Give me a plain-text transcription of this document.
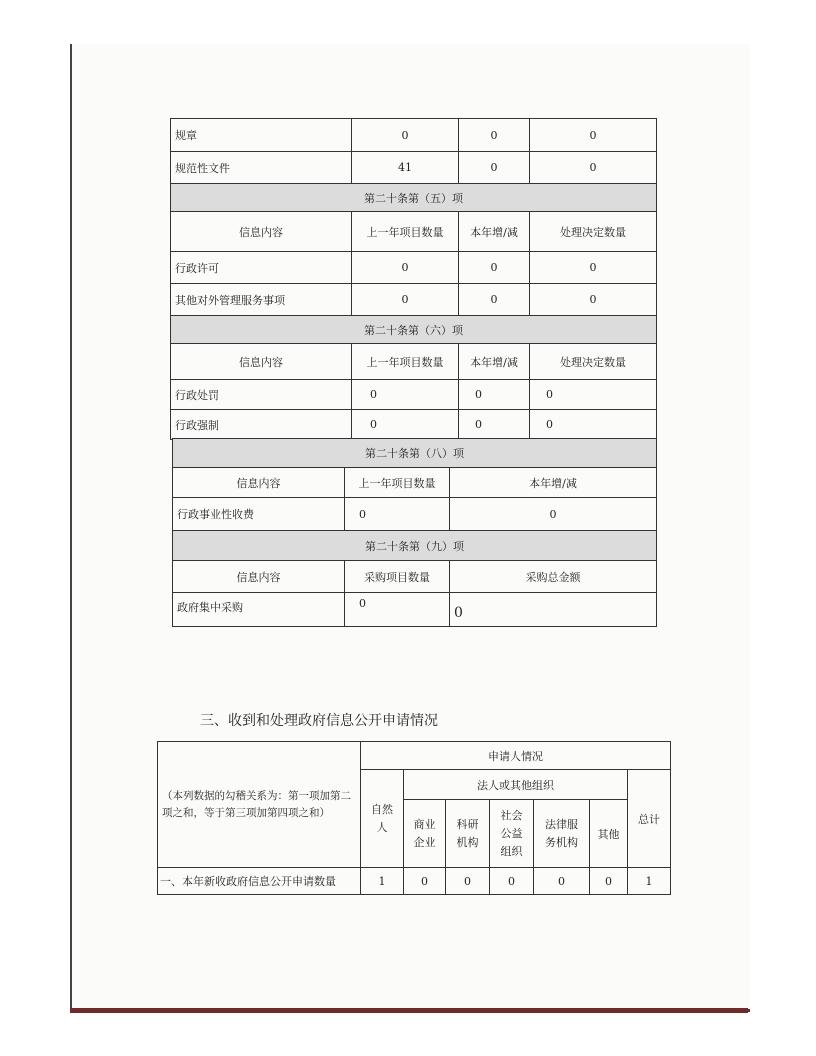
规章	0	0	0
规范性文件	41	0	0
第二十条第（五）项			
信息内容	上一年项目数量	本年增/减	处理决定数量
行政许可	0	0	0
其他对外管理服务事项	0	0	0
第二十条第（六）项			
信息内容	上一年项目数量	本年增/减	处理决定数量
行政处罚	0	0	0
行政强制	0	0	0
第二十条第（八）项		
信息内容	上一年项目数量	本年增/减
行政事业性收费	0	0
第二十条第（九）项		
信息内容	采购项目数量	采购总金额
政府集中采购	0	0
三、收到和处理政府信息公开申请情况
（本列数据的勾稽关系为：第一项加第二项之和，等于第三项加第四项之和）	申请人情况						
	自然人	法人或其他组织					总计
		商业企业	科研机构	社会公益组织	法律服务机构	其他	
一、本年新收政府信息公开申请数量	1	0	0	0	0	0	1
